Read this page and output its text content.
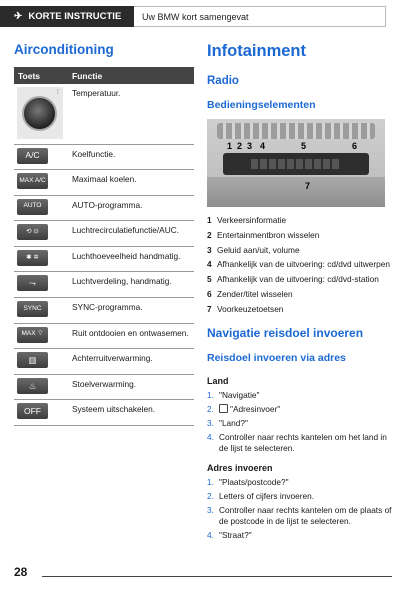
✈ KORTE INSTRUCTIE	Uw BMW kort samengevat
Airconditioning
Toets	Functie

⁞	Temperatuur.

A/C	Koelfunctie.

MAX A/C	Maximaal koelen.

AUTO	AUTO-programma.

⟲ ⊙	Luchtrecirculatiefunctie/AUC.

✱ ✲	Luchthoeveelheid handmatig.

⤳	Luchtverdeling, handmatig.

SYNC	SYNC-programma.

MAX ⌔	Ruit ontdooien en ontwasemen.

▥	Achterruitverwarming.

♨	Stoelverwarming.

OFF	Systeem uitschakelen.
Infotainment
Radio
Bedieningselementen
1 2 3 4	5	6
7
1 Verkeersinformatie
2 Entertainmentbron wisselen
3 Geluid aan/uit, volume
4 Afhankelijk van de uitvoering: cd/dvd uitwerpen
5 Afhankelijk van de uitvoering: cd/dvd-station
6 Zender/titel wisselen
7 Voorkeuzetoetsen
Navigatie reisdoel invoeren
Reisdoel invoeren via adres
Land
1. "Navigatie"
2.	"Adresinvoer"
3. "Land?"
4. Controller naar rechts kantelen om het land in de lijst te selecteren.
Adres invoeren
1. "Plaats/postcode?"
2. Letters of cijfers invoeren.
3. Controller naar rechts kantelen om de plaats of de postcode in de lijst te selecteren.
4. "Straat?"
28
